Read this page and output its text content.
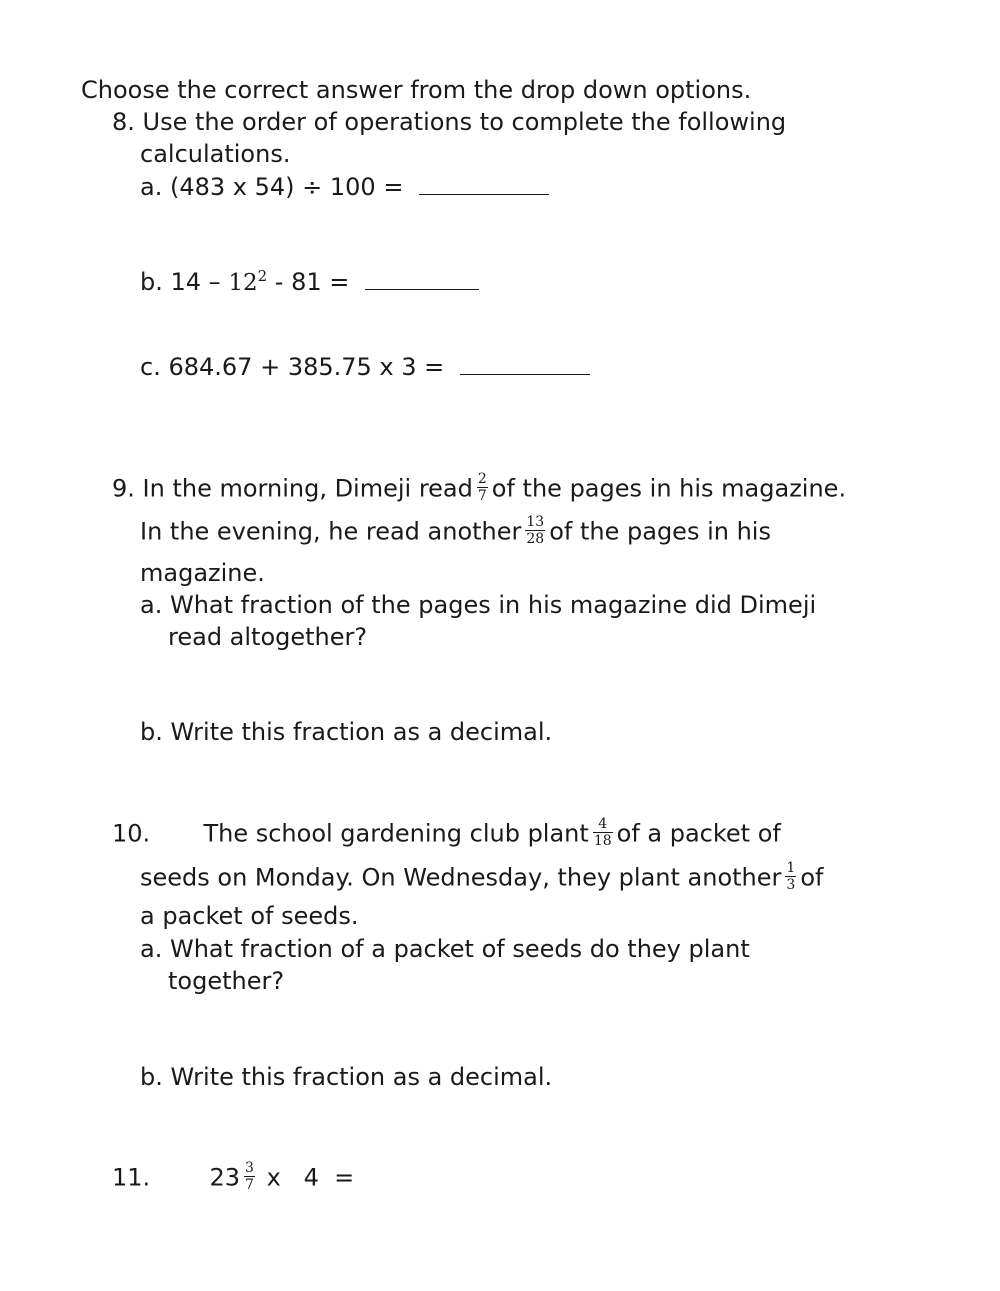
Choose the correct answer from the drop down options.
8. Use the order of operations to complete the following
calculations.
a. (483 x 54) ÷ 100 =
b. $14 - 12^2 - 81$ =
c. 684.67 + 385.75 x 3 =
9. In the morning, Dimeji read $\frac{2}{7}$ of the pages in his magazine.
In the evening, he read another $\frac{13}{28}$ of the pages in his
magazine.
a. What fraction of the pages in his magazine did Dimeji
read altogether?
b. Write this fraction as a decimal.
10. The school gardening club plant $\frac{4}{18}$ of a packet of
seeds on Monday. On Wednesday, they plant another $\frac{1}{3}$ of
a packet of seeds.
a. What fraction of a packet of seeds do they plant
together?
b. Write this fraction as a decimal.
11. $23 \frac{3}{7}$ x   4  =
